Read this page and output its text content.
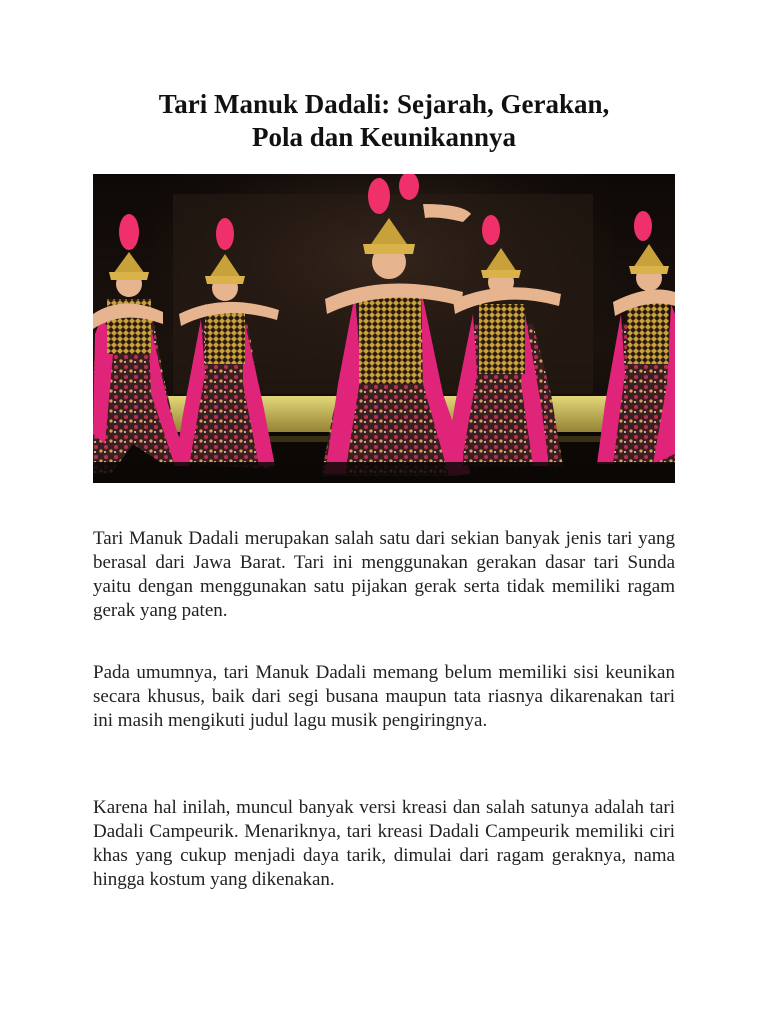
Tari Manuk Dadali: Sejarah, Gerakan,
Pola dan Keunikannya

Tari Manuk Dadali merupakan salah satu dari sekian banyak jenis tari yang berasal dari Jawa Barat. Tari ini menggunakan gerakan dasar tari Sunda yaitu dengan menggunakan satu pijakan gerak serta tidak memiliki ragam gerak yang paten.

Pada umumnya, tari Manuk Dadali memang belum memiliki sisi keunikan secara khusus, baik dari segi busana maupun tata riasnya dikarenakan tari ini masih mengikuti judul lagu musik pengiringnya.

Karena hal inilah, muncul banyak versi kreasi dan salah satunya adalah tari Dadali Campeurik. Menariknya, tari kreasi Dadali Campeurik memiliki ciri khas yang cukup menjadi daya tarik, dimulai dari ragam geraknya, nama hingga kostum yang dikenakan.
